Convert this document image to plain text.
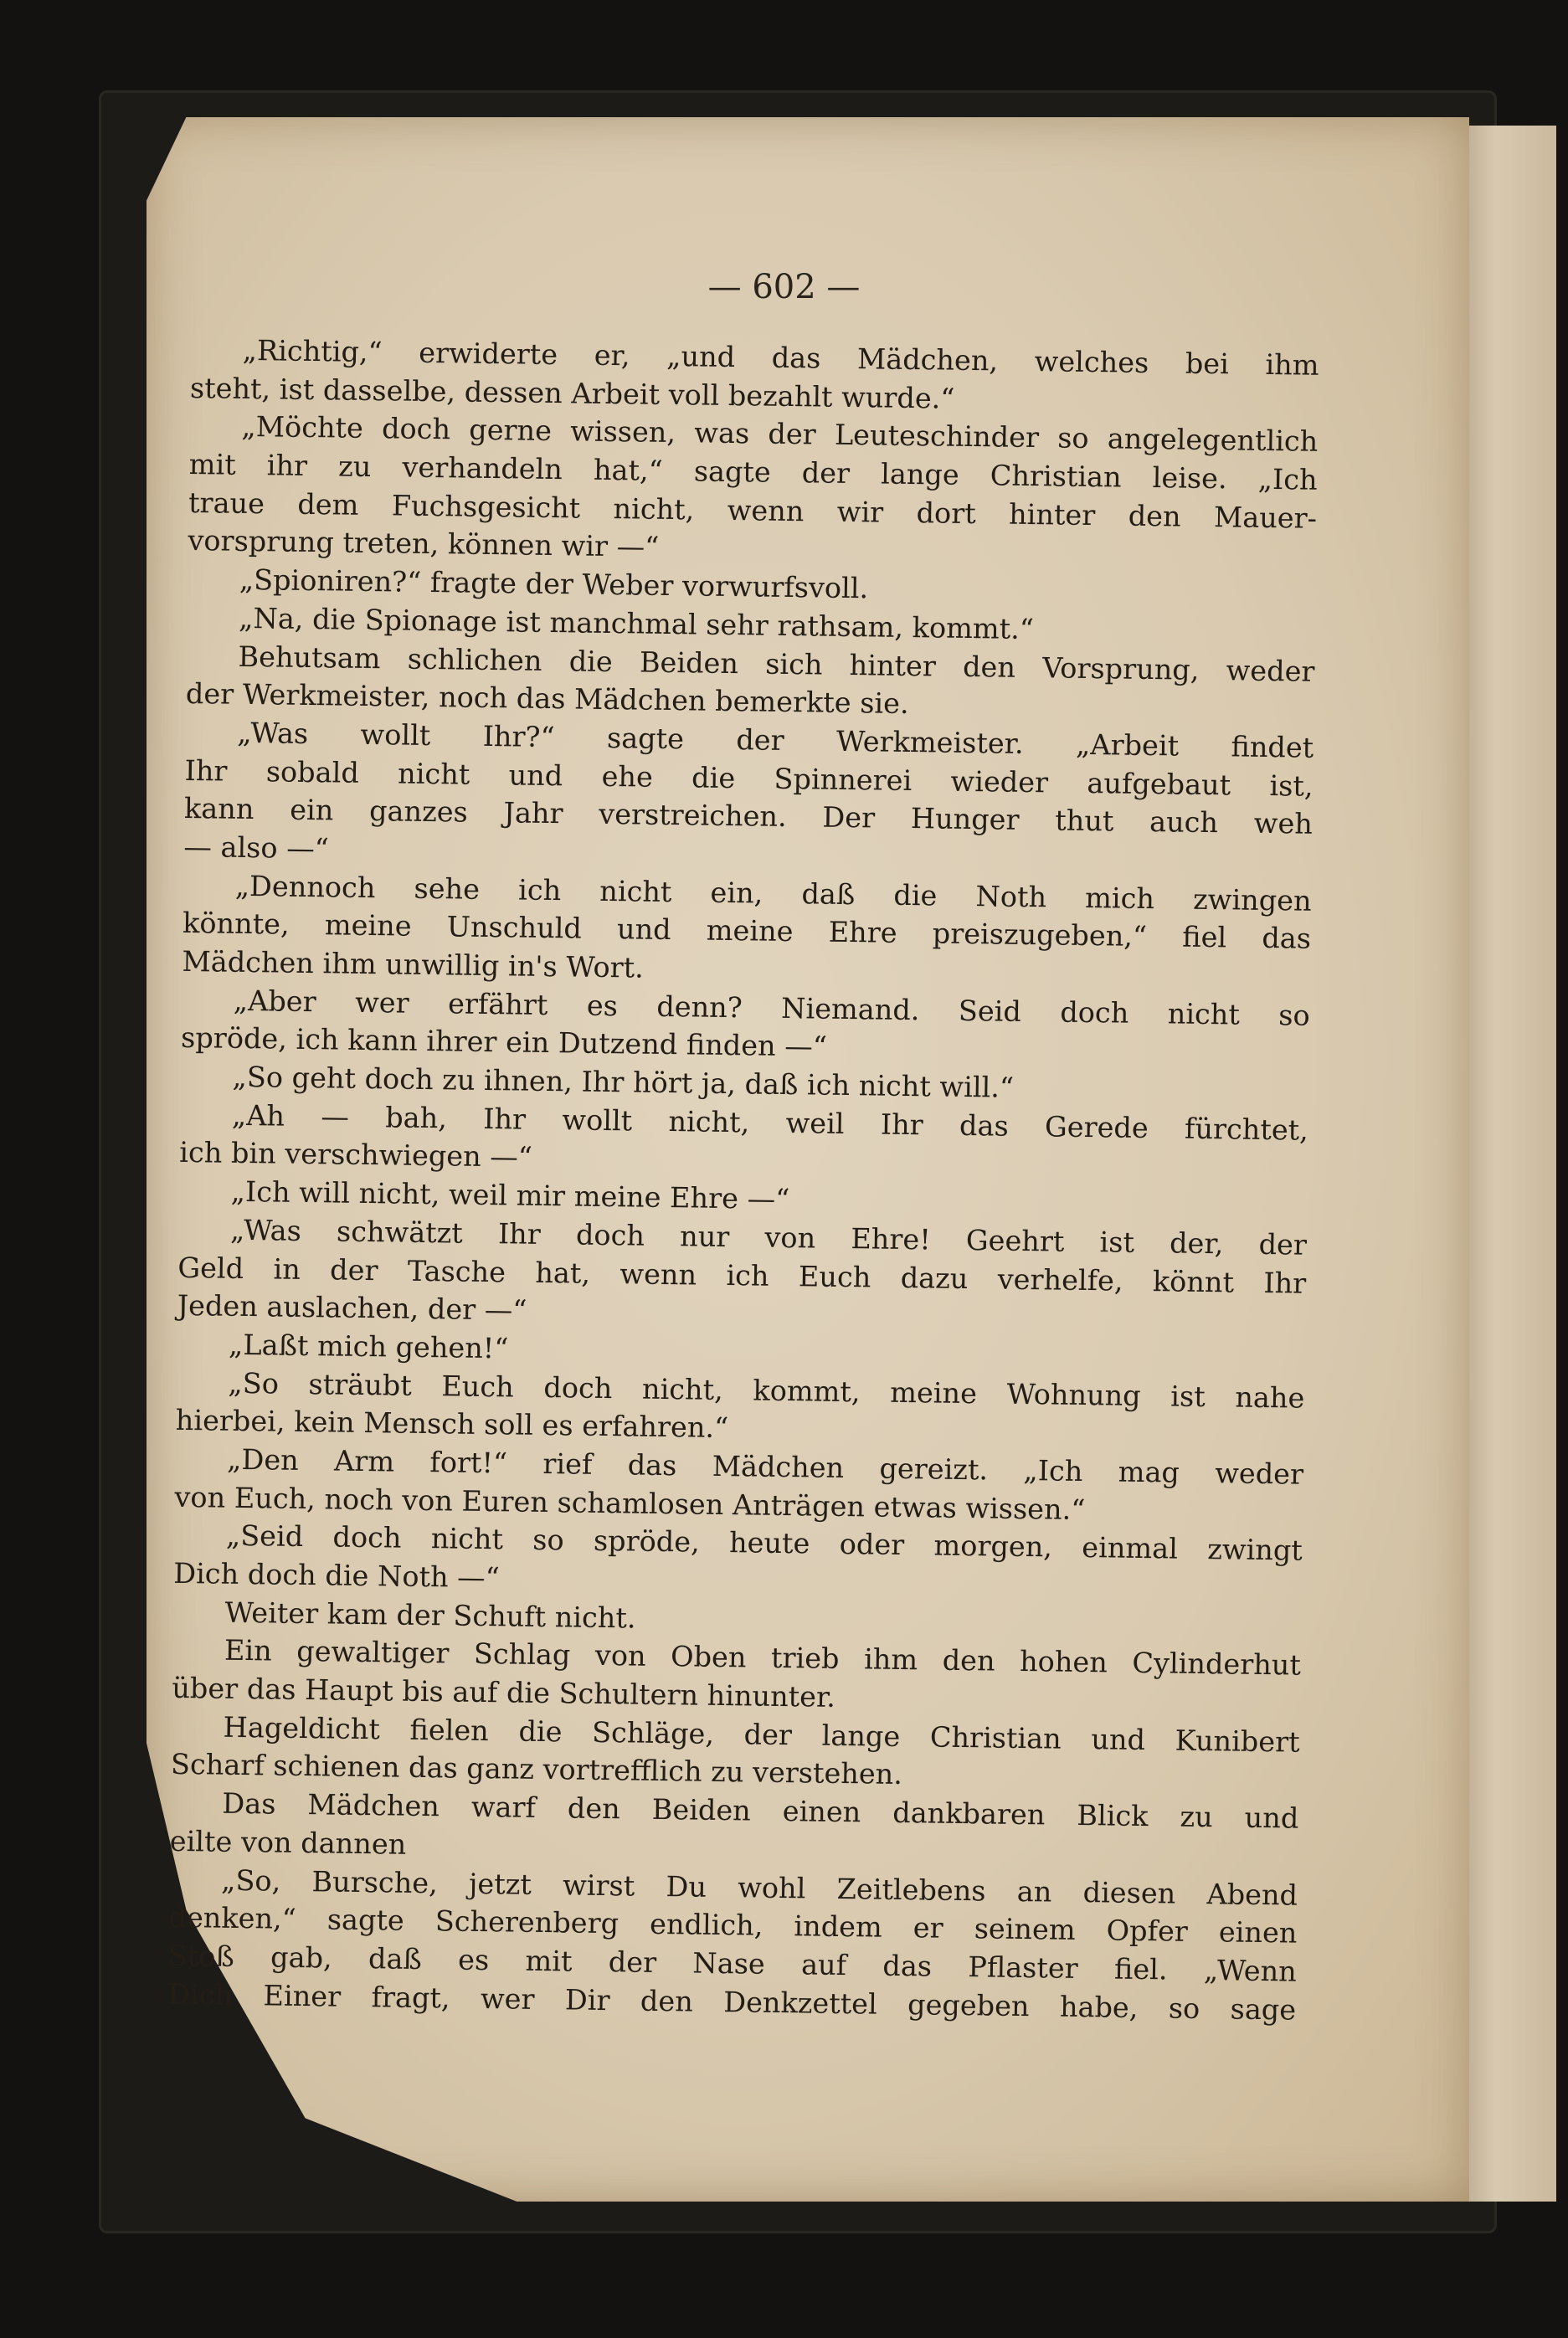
— 602 —
„Richtig,“ erwiderte er, „und das Mädchen, welches bei ihm
steht, ist dasselbe, dessen Arbeit voll bezahlt wurde.“
„Möchte doch gerne wissen, was der Leuteschinder so angelegentlich
mit ihr zu verhandeln hat,“ sagte der lange Christian leise. „Ich
traue dem Fuchsgesicht nicht, wenn wir dort hinter den Mauer-
vorsprung treten, können wir —“
„Spioniren?“ fragte der Weber vorwurfsvoll.
„Na, die Spionage ist manchmal sehr rathsam, kommt.“
Behutsam schlichen die Beiden sich hinter den Vorsprung, weder
der Werkmeister, noch das Mädchen bemerkte sie.
„Was wollt Ihr?“ sagte der Werkmeister. „Arbeit findet
Ihr sobald nicht und ehe die Spinnerei wieder aufgebaut ist,
kann ein ganzes Jahr verstreichen. Der Hunger thut auch weh
— also —“
„Dennoch sehe ich nicht ein, daß die Noth mich zwingen
könnte, meine Unschuld und meine Ehre preiszugeben,“ fiel das
Mädchen ihm unwillig in's Wort.
„Aber wer erfährt es denn? Niemand. Seid doch nicht so
spröde, ich kann ihrer ein Dutzend finden —“
„So geht doch zu ihnen, Ihr hört ja, daß ich nicht will.“
„Ah — bah, Ihr wollt nicht, weil Ihr das Gerede fürchtet,
ich bin verschwiegen —“
„Ich will nicht, weil mir meine Ehre —“
„Was schwätzt Ihr doch nur von Ehre! Geehrt ist der, der
Geld in der Tasche hat, wenn ich Euch dazu verhelfe, könnt Ihr
Jeden auslachen, der —“
„Laßt mich gehen!“
„So sträubt Euch doch nicht, kommt, meine Wohnung ist nahe
hierbei, kein Mensch soll es erfahren.“
„Den Arm fort!“ rief das Mädchen gereizt. „Ich mag weder
von Euch, noch von Euren schamlosen Anträgen etwas wissen.“
„Seid doch nicht so spröde, heute oder morgen, einmal zwingt
Dich doch die Noth —“
Weiter kam der Schuft nicht.
Ein gewaltiger Schlag von Oben trieb ihm den hohen Cylinderhut
über das Haupt bis auf die Schultern hinunter.
Hageldicht fielen die Schläge, der lange Christian und Kunibert
Scharf schienen das ganz vortrefflich zu verstehen.
Das Mädchen warf den Beiden einen dankbaren Blick zu und
eilte von dannen
„So, Bursche, jetzt wirst Du wohl Zeitlebens an diesen Abend
denken,“ sagte Scherenberg endlich, indem er seinem Opfer einen
Stoß gab, daß es mit der Nase auf das Pflaster fiel. „Wenn
Dich Einer fragt, wer Dir den Denkzettel gegeben habe, so sage
